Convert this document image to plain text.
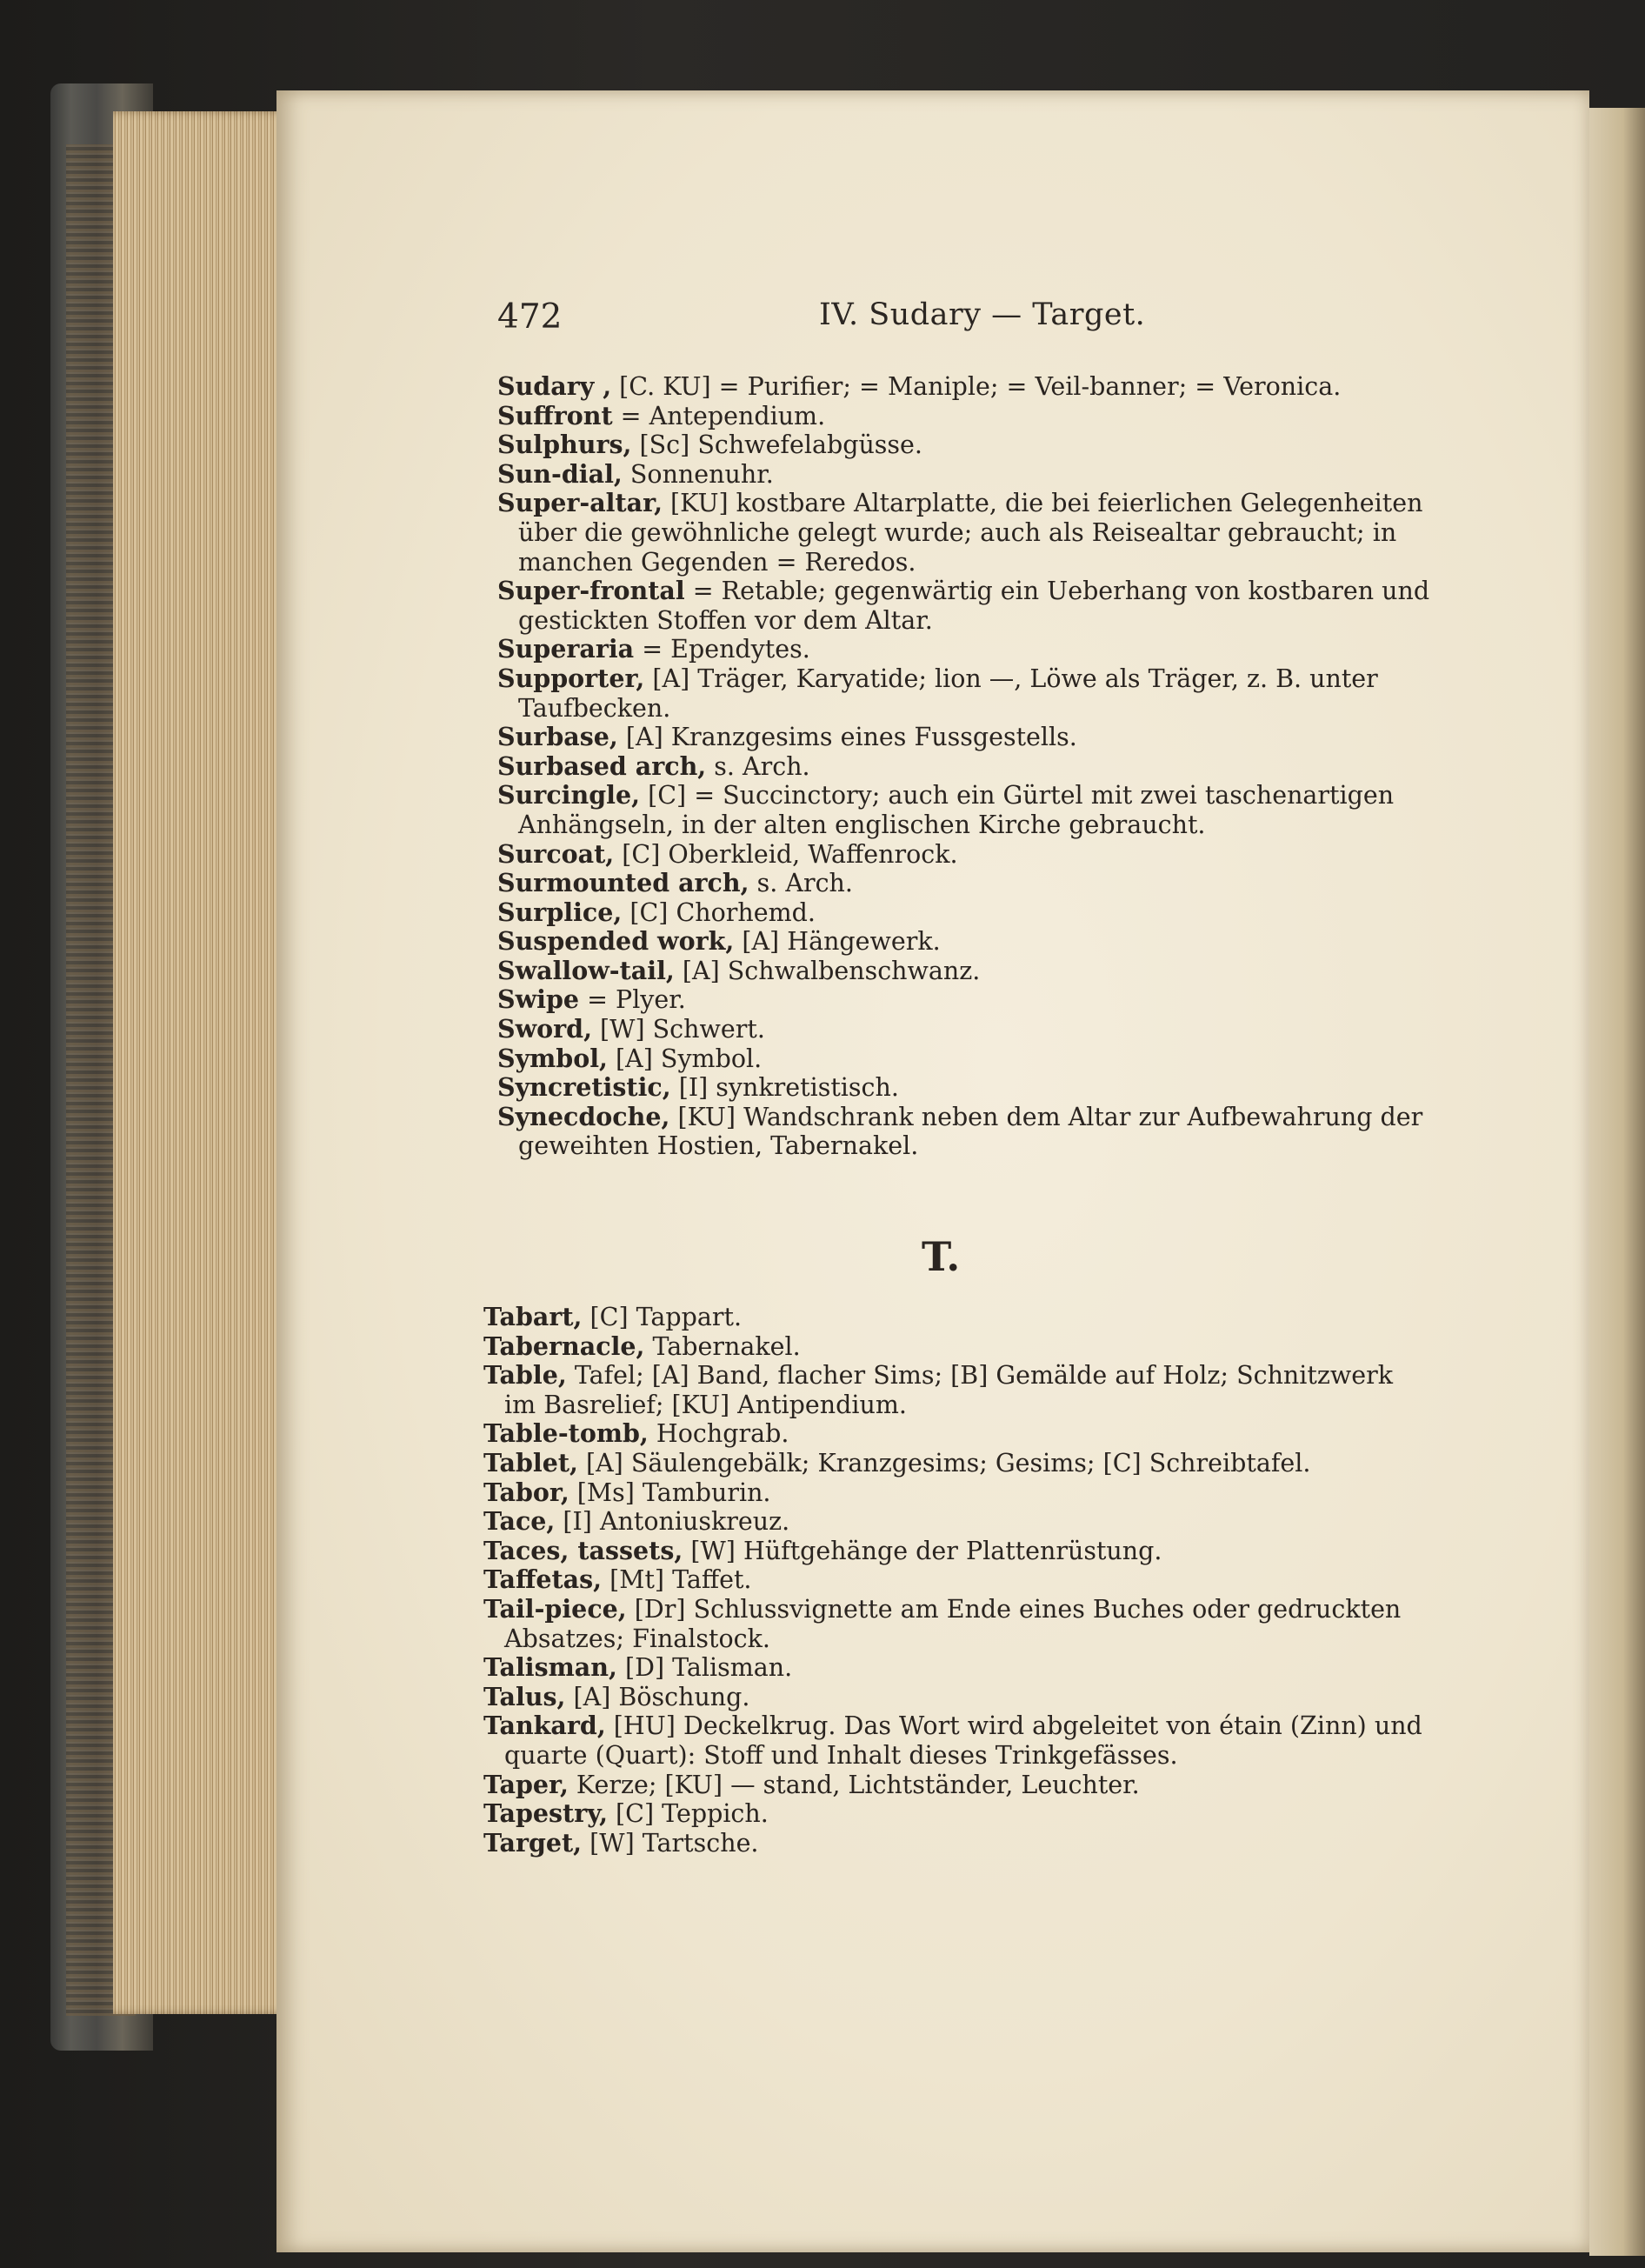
472	IV. Sudary — Target.

Sudary , [C. KU] = Purifier; = Maniple; = Veil-banner; = Veronica.

Suffront = Antependium.

Sulphurs, [Sc] Schwefelabgüsse.

Sun-dial, Sonnenuhr.

Super-altar, [KU] kostbare Altarplatte, die bei feierlichen Gelegenheiten über die gewöhnliche gelegt wurde; auch als Reisealtar gebraucht; in manchen Gegenden = Reredos.

Super-frontal = Retable; gegenwärtig ein Ueberhang von kostbaren und gestickten Stoffen vor dem Altar.

Superaria = Ependytes.

Supporter, [A] Träger, Karyatide; lion —, Löwe als Träger, z. B. unter Taufbecken.

Surbase, [A] Kranzgesims eines Fussgestells.

Surbased arch, s. Arch.

Surcingle, [C] = Succinctory; auch ein Gürtel mit zwei taschenartigen Anhängseln, in der alten englischen Kirche gebraucht.

Surcoat, [C] Oberkleid, Waffenrock.

Surmounted arch, s. Arch.

Surplice, [C] Chorhemd.

Suspended work, [A] Hängewerk.

Swallow-tail, [A] Schwalbenschwanz.

Swipe = Plyer.

Sword, [W] Schwert.

Symbol, [A] Symbol.

Syncretistic, [I] synkretistisch.

Synecdoche, [KU] Wandschrank neben dem Altar zur Aufbewahrung der geweihten Hostien, Tabernakel.

T.

Tabart, [C] Tappart.

Tabernacle, Tabernakel.

Table, Tafel; [A] Band, flacher Sims; [B] Gemälde auf Holz; Schnitzwerk im Basrelief; [KU] Antipendium.

Table-tomb, Hochgrab.

Tablet, [A] Säulengebälk; Kranzgesims; Gesims; [C] Schreibtafel.

Tabor, [Ms] Tamburin.

Tace, [I] Antoniuskreuz.

Taces, tassets, [W] Hüftgehänge der Plattenrüstung.

Taffetas, [Mt] Taffet.

Tail-piece, [Dr] Schlussvignette am Ende eines Buches oder gedruckten Absatzes; Finalstock.

Talisman, [D] Talisman.

Talus, [A] Böschung.

Tankard, [HU] Deckelkrug. Das Wort wird abgeleitet von étain (Zinn) und quarte (Quart): Stoff und Inhalt dieses Trinkgefässes.

Taper, Kerze; [KU] — stand, Lichtständer, Leuchter.

Tapestry, [C] Teppich.

Target, [W] Tartsche.
